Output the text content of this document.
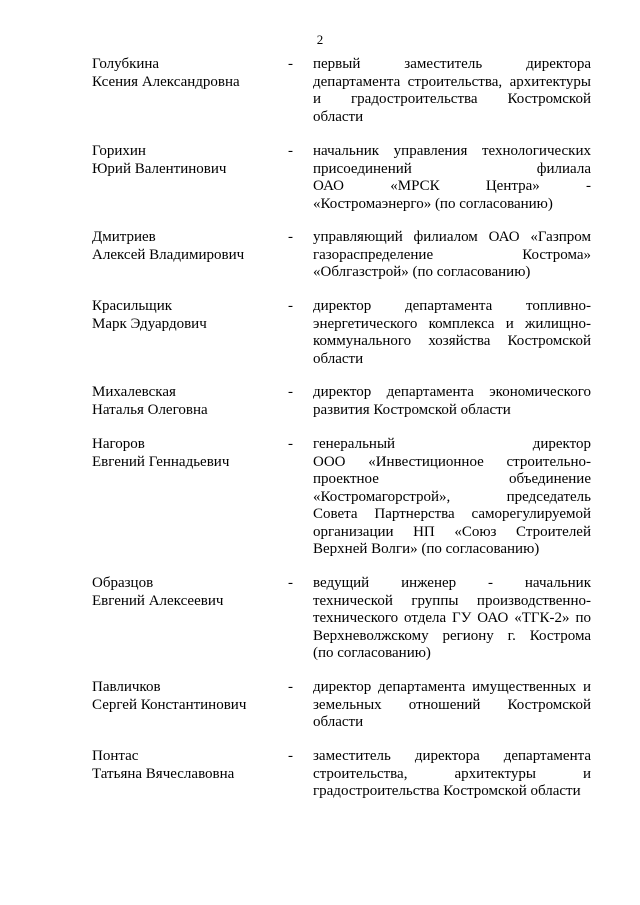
2
Голубкина
Ксения Александровна
- первый заместитель директора
департамента строительства, архитектуры
и градостроительства Костромской
области
Горихин
Юрий Валентинович
- начальник управления технологических
присоединений филиала
ОАО «МРСК Центра» -
«Костромаэнерго» (по согласованию)
Дмитриев
Алексей Владимирович
- управляющий филиалом ОАО «Газпром
газораспределение Кострома»
«Облгазстрой» (по согласованию)
Красильщик
Марк Эдуардович
- директор департамента топливно-
энергетического комплекса и жилищно-
коммунального хозяйства Костромской
области
Михалевская
Наталья Олеговна
- директор департамента экономического
развития Костромской области
Нагоров
Евгений Геннадьевич
- генеральный директор
ООО «Инвестиционное строительно-
проектное объединение
«Костромагорстрой», председатель
Совета Партнерства саморегулируемой
организации НП «Союз Строителей
Верхней Волги» (по согласованию)
Образцов
Евгений Алексеевич
- ведущий инженер - начальник
технической группы производственно-
технического отдела ГУ ОАО «ТГК-2» по
Верхневолжскому региону г. Кострома
(по согласованию)
Павличков
Сергей Константинович
- директор департамента имущественных и
земельных отношений Костромской
области
Понтас
Татьяна Вячеславовна
- заместитель директора департамента
строительства, архитектуры и
градостроительства Костромской области
